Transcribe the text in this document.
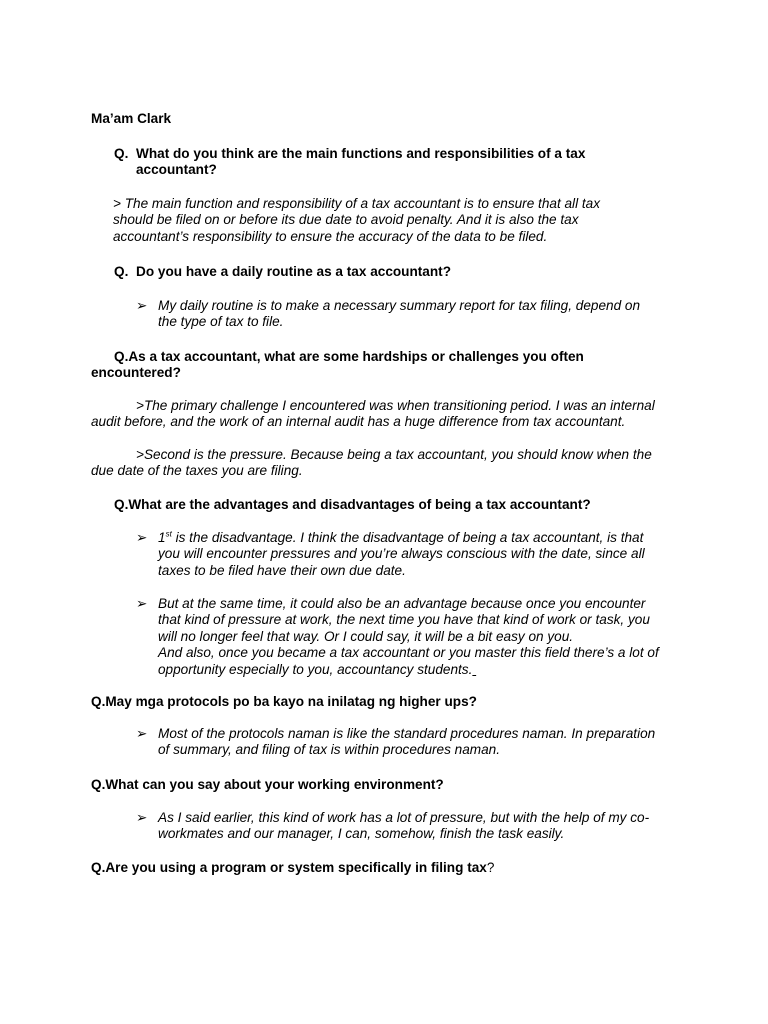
Ma’am Clark

Q. What do you think are the main functions and responsibilities of a tax
accountant?

> The main function and responsibility of a tax accountant is to ensure that all tax
should be filed on or before its due date to avoid penalty. And it is also the tax
accountant’s responsibility to ensure the accuracy of the data to be filed.

Q. Do you have a daily routine as a tax accountant?

➢ My daily routine is to make a necessary summary report for tax filing, depend on
the type of tax to file.

Q.As a tax accountant, what are some hardships or challenges you often
encountered?

>The primary challenge I encountered was when transitioning period. I was an internal
audit before, and the work of an internal audit has a huge difference from tax accountant.

>Second is the pressure. Because being a tax accountant, you should know when the
due date of the taxes you are filing.

Q.What are the advantages and disadvantages of being a tax accountant?

➢ 1st is the disadvantage. I think the disadvantage of being a tax accountant, is that
you will encounter pressures and you’re always conscious with the date, since all
taxes to be filed have their own due date.

➢ But at the same time, it could also be an advantage because once you encounter
that kind of pressure at work, the next time you have that kind of work or task, you
will no longer feel that way. Or I could say, it will be a bit easy on you.
And also, once you became a tax accountant or you master this field there’s a lot of
opportunity especially to you, accountancy students.

Q.May mga protocols po ba kayo na inilatag ng higher ups?

➢ Most of the protocols naman is like the standard procedures naman. In preparation
of summary, and filing of tax is within procedures naman.

Q.What can you say about your working environment?

➢ As I said earlier, this kind of work has a lot of pressure, but with the help of my co-
workmates and our manager, I can, somehow, finish the task easily.

Q.Are you using a program or system specifically in filing tax?
